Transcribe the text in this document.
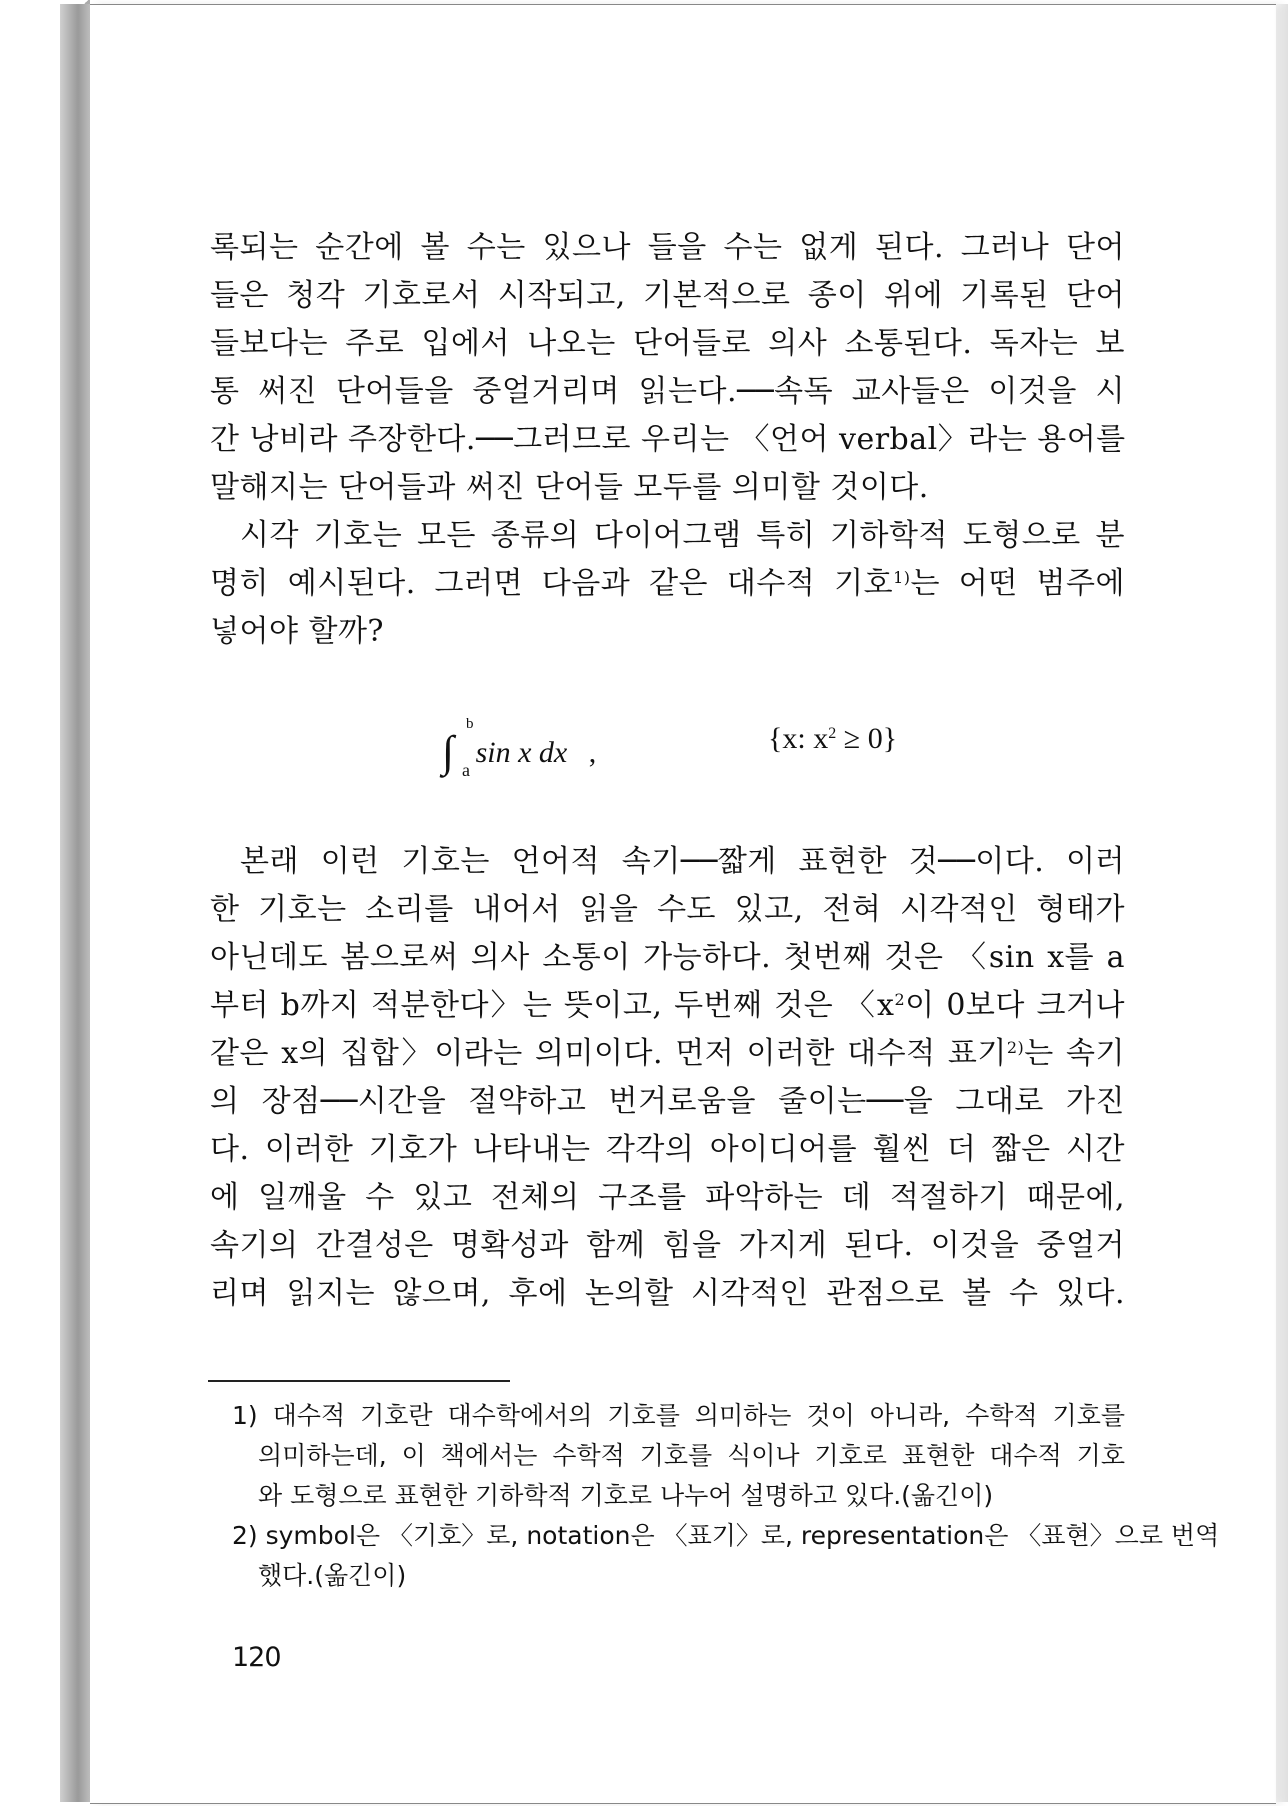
록되는 순간에 볼 수는 있으나 들을 수는 없게 된다. 그러나 단어
들은 청각 기호로서 시작되고, 기본적으로 종이 위에 기록된 단어
들보다는 주로 입에서 나오는 단어들로 의사 소통된다. 독자는 보
통 써진 단어들을 중얼거리며 읽는다.──속독 교사들은 이것을 시
간 낭비라 주장한다.──그러므로 우리는 〈언어 verbal〉라는 용어를
말해지는 단어들과 써진 단어들 모두를 의미할 것이다.
시각 기호는 모든 종류의 다이어그램 특히 기하학적 도형으로 분
명히 예시된다. 그러면 다음과 같은 대수적 기호$^{1)}$는 어떤 범주에
넣어야 할까?
∫
b
a
sin x dx ,	{x: $x^2 \ge 0$}
본래 이런 기호는 언어적 속기──짧게 표현한 것──이다. 이러
한 기호는 소리를 내어서 읽을 수도 있고, 전혀 시각적인 형태가
아닌데도 봄으로써 의사 소통이 가능하다. 첫번째 것은 〈sin x를 a
부터 b까지 적분한다〉는 뜻이고, 두번째 것은 〈$x^2$이 0보다 크거나
같은 x의 집합〉이라는 의미이다. 먼저 이러한 대수적 표기$^{2)}$는 속기
의 장점──시간을 절약하고 번거로움을 줄이는──을 그대로 가진
다. 이러한 기호가 나타내는 각각의 아이디어를 훨씬 더 짧은 시간
에 일깨울 수 있고 전체의 구조를 파악하는 데 적절하기 때문에,
속기의 간결성은 명확성과 함께 힘을 가지게 된다. 이것을 중얼거
리며 읽지는 않으며, 후에 논의할 시각적인 관점으로 볼 수 있다.
1) 대수적 기호란 대수학에서의 기호를 의미하는 것이 아니라, 수학적 기호를
의미하는데, 이 책에서는 수학적 기호를 식이나 기호로 표현한 대수적 기호
와 도형으로 표현한 기하학적 기호로 나누어 설명하고 있다.(옮긴이)
2) symbol은 〈기호〉로, notation은 〈표기〉로, representation은 〈표현〉으로 번역
했다.(옮긴이)
120
